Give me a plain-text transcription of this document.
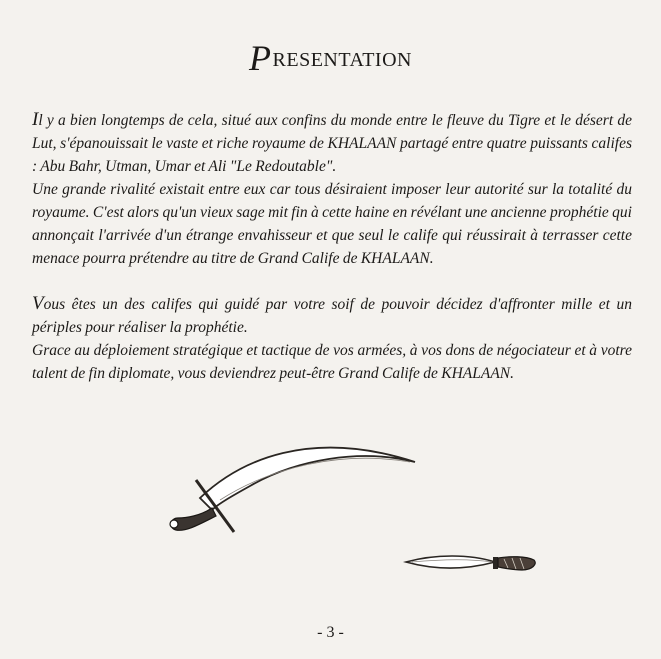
PRESENTATION

Il y a bien longtemps de cela, situé aux confins du monde entre le fleuve du Tigre et le désert de Lut, s'épanouissait le vaste et riche royaume de KHALAAN partagé entre quatre puissants califes : Abu Bahr, Utman, Umar et Ali "Le Redoutable".

Une grande rivalité existait entre eux car tous désiraient imposer leur autorité sur la totalité du royaume. C'est alors qu'un vieux sage mit fin à cette haine en révélant une ancienne prophétie qui annonçait l'arrivée d'un étrange envahisseur et que seul le calife qui réussirait à terrasser cette menace pourra prétendre au titre de Grand Calife de KHALAAN.

Vous êtes un des califes qui guidé par votre soif de pouvoir décidez d'affronter mille et un périples pour réaliser la prophétie.

Grace au déploiement stratégique et tactique de vos armées, à vos dons de négociateur et à votre talent de fin diplomate, vous deviendrez peut-être Grand Calife de KHALAAN.

- 3 -
